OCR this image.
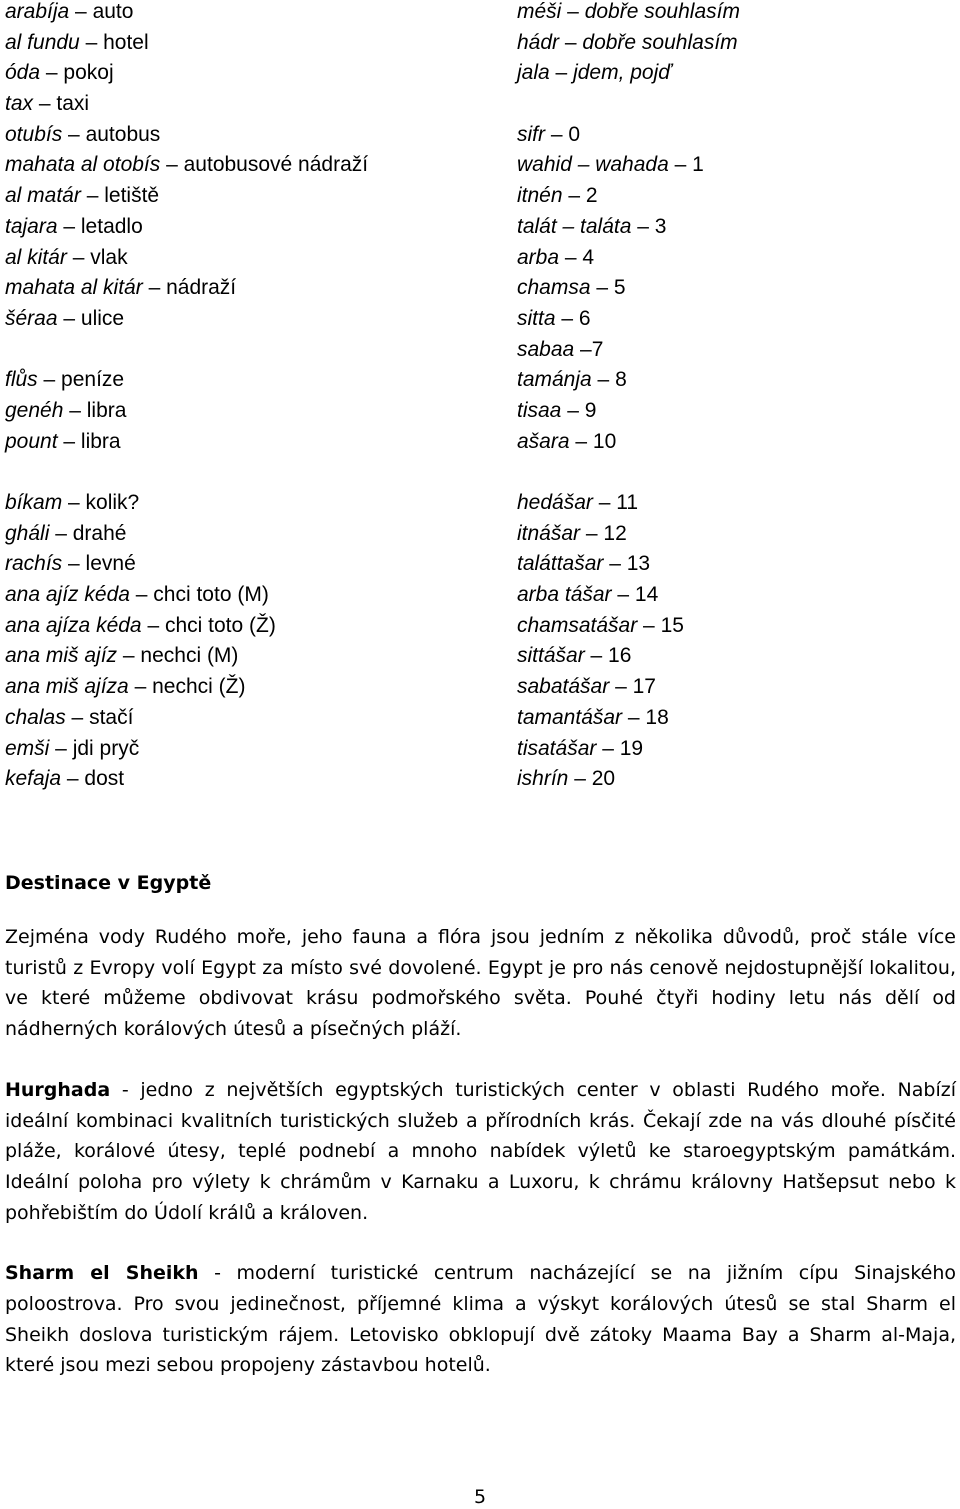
arabíja – auto
al fundu – hotel
óda – pokoj
tax – taxi
otubís – autobus
mahata al otobís – autobusové nádraží
al matár – letiště
tajara – letadlo
al kitár – vlak
mahata al kitár – nádraží
šéraa – ulice
flůs – peníze
genéh – libra
pount – libra
bíkam – kolik?
gháli – drahé
rachís – levné
ana ajíz kéda – chci toto (M)
ana ajíza kéda – chci toto (Ž)
ana miš ajíz – nechci (M)
ana miš ajíza – nechci (Ž)
chalas – stačí
emši – jdi pryč
kefaja – dost
méši – dobře souhlasím
hádr – dobře souhlasím
jala – jdem, pojď
sifr – 0
wahid – wahada – 1
itnén – 2
talát – taláta – 3
arba – 4
chamsa – 5
sitta – 6
sabaa –7
tamánja – 8
tisaa – 9
ašara – 10
hedášar – 11
itnášar – 12
taláttašar – 13
arba tášar – 14
chamsatášar – 15
sittášar – 16
sabatášar – 17
tamantášar – 18
tisatášar – 19
ishrín – 20
Destinace v Egyptě

Zejména vody Rudého moře, jeho fauna a flóra jsou jedním z několika důvodů, proč stále více turistů z Evropy volí Egypt za místo své dovolené. Egypt je pro nás cenově nejdostupnější lokalitou, ve které můžeme obdivovat krásu podmořského světa. Pouhé čtyři hodiny letu nás dělí od nádherných korálových útesů a písečných pláží.

Hurghada - jedno z největších egyptských turistických center v oblasti Rudého moře. Nabízí ideální kombinaci kvalitních turistických služeb a přírodních krás. Čekají zde na vás dlouhé písčité pláže, korálové útesy, teplé podnebí a mnoho nabídek výletů ke staroegyptským památkám. Ideální poloha pro výlety k chrámům v Karnaku a Luxoru, k chrámu královny Hatšepsut nebo k pohřebištím do Údolí králů a královen.

Sharm el Sheikh - moderní turistické centrum nacházející se na jižním cípu Sinajského poloostrova. Pro svou jedinečnost, příjemné klima a výskyt korálových útesů se stal Sharm el Sheikh doslova turistickým rájem. Letovisko obklopují dvě zátoky Maama Bay a Sharm al-Maja, které jsou mezi sebou propojeny zástavbou hotelů.

5
